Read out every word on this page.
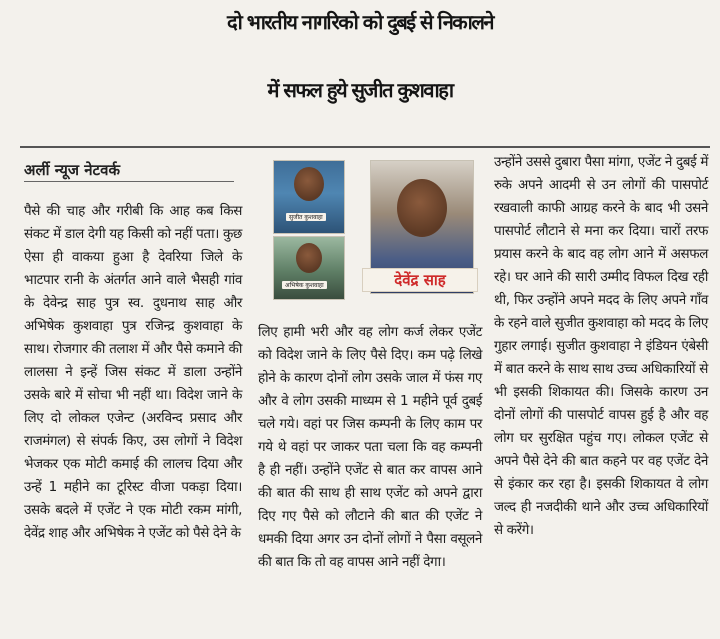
दो भारतीय नागरिको को दुबई से निकालने
में सफल हुये सुजीत कुशवाहा
अर्ली न्यूज नेटवर्क

पैसे की चाह और गरीबी कि आह कब किस संकट में डाल देगी यह किसी को नहीं पता। कुछ ऐसा ही वाकया हुआ है देवरिया जिले के भाटपार रानी के अंतर्गत आने वाले भैसही गांव के देवेन्द्र साह पुत्र स्व. दुधनाथ साह और अभिषेक कुशवाहा पुत्र रजिन्द्र कुशवाहा के साथ। रोजगार की तलाश में और पैसे कमाने की लालसा ने इन्हें जिस संकट में डाला उन्होंने उसके बारे में सोचा भी नहीं था। विदेश जाने के लिए दो लोकल एजेन्ट (अरविन्द प्रसाद और राजमंगल) से संपर्क किए, उस लोगों ने विदेश भेजकर एक मोटी कमाई की लालच दिया और उन्हें 1 महीने का टूरिस्ट वीजा पकड़ा दिया। उसके बदले में एजेंट ने एक मोटी रकम मांगी, देवेंद्र शाह और अभिषेक ने एजेंट को पैसे देने के

सुजीत कुशवाहा
अभिषेक कुशवाहा	देवेंद्र साह

लिए हामी भरी और वह लोग कर्ज लेकर एजेंट को विदेश जाने के लिए पैसे दिए। कम पढ़े लिखे होने के कारण दोनों लोग उसके जाल में फंस गए और वे लोग उसकी माध्यम से 1 महीने पूर्व दुबई चले गये। वहां पर जिस कम्पनी के लिए काम पर गये थे वहां पर जाकर पता चला कि वह कम्पनी है ही नहीं। उन्होंने एजेंट से बात कर वापस आने की बात की साथ ही साथ एजेंट को अपने द्वारा दिए गए पैसे को लौटाने की बात की एजेंट ने धमकी दिया अगर उन दोनों लोगों ने पैसा वसूलने की बात कि तो वह वापस आने नहीं देगा।

उन्होंने उससे दुबारा पैसा मांगा, एजेंट ने दुबई में रुके अपने आदमी से उन लोगों की पासपोर्ट रखवाली काफी आग्रह करने के बाद भी उसने पासपोर्ट लौटाने से मना कर दिया। चारों तरफ प्रयास करने के बाद वह लोग आने में असफल रहे। घर आने की सारी उम्मीद विफल दिख रही थी, फिर उन्होंने अपने मदद के लिए अपने गाँव के रहने वाले सुजीत कुशवाहा को मदद के लिए गुहार लगाई। सुजीत कुशवाहा ने इंडियन एंबेसी में बात करने के साथ साथ उच्च अधिकारियों से भी इसकी शिकायत की। जिसके कारण उन दोनों लोगों की पासपोर्ट वापस हुई है और वह लोग घर सुरक्षित पहुंच गए। लोकल एजेंट से अपने पैसे देने की बात कहने पर वह एजेंट देने से इंकार कर रहा है। इसकी शिकायत वे लोग जल्द ही नजदीकी थाने और उच्च अधिकारियों से करेंगे।
